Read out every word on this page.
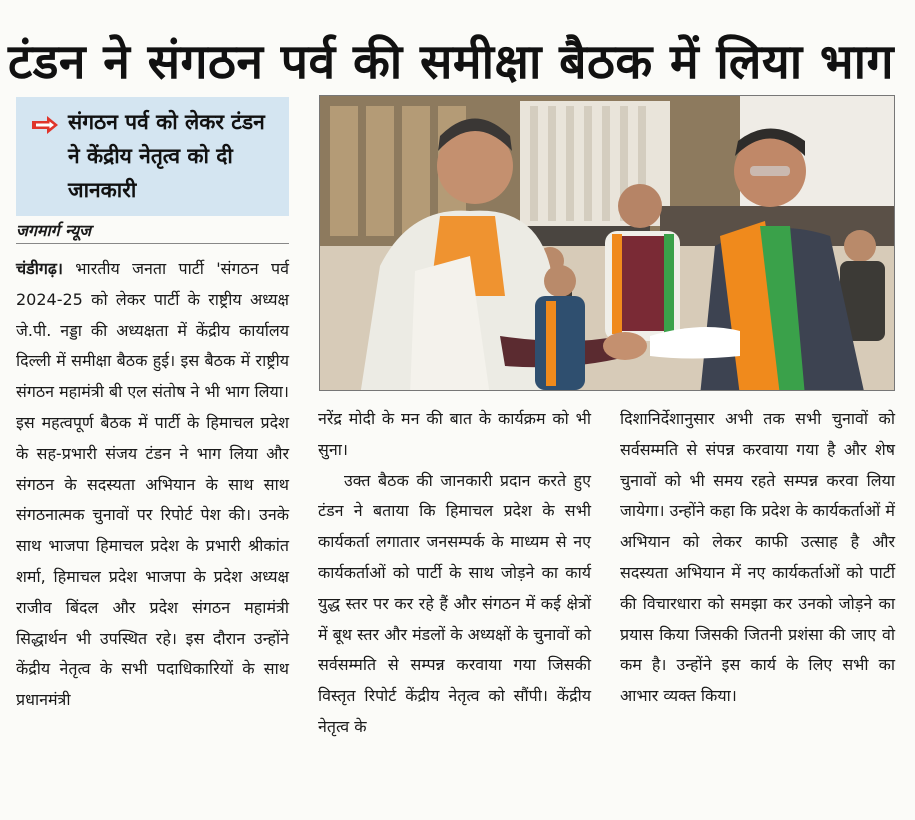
टंडन ने संगठन पर्व की समीक्षा बैठक में लिया भाग
संगठन पर्व को लेकर टंडन ने केंद्रीय नेतृत्व को दी जानकारी
जगमार्ग न्यूज

चंडीगढ़। भारतीय जनता पार्टी 'संगठन पर्व 2024-25 को लेकर पार्टी के राष्ट्रीय अध्यक्ष जे.पी. नड्डा की अध्यक्षता में केंद्रीय कार्यालय दिल्ली में समीक्षा बैठक हुई। इस बैठक में राष्ट्रीय संगठन महामंत्री बी एल संतोष ने भी भाग लिया। इस महत्वपूर्ण बैठक में पार्टी के हिमाचल प्रदेश के सह-प्रभारी संजय टंडन ने भाग लिया और संगठन के सदस्यता अभियान के साथ साथ संगठनात्मक चुनावों पर रिपोर्ट पेश की। उनके साथ भाजपा हिमाचल प्रदेश के प्रभारी श्रीकांत शर्मा, हिमाचल प्रदेश भाजपा के प्रदेश अध्यक्ष राजीव बिंदल और प्रदेश संगठन महामंत्री सिद्धार्थन भी उपस्थित रहे। इस दौरान उन्होंने केंद्रीय नेतृत्व के सभी पदाधिकारियों के साथ प्रधानमंत्री

नरेंद्र मोदी के मन की बात के कार्यक्रम को भी सुना।

उक्त बैठक की जानकारी प्रदान करते हुए टंडन ने बताया कि हिमाचल प्रदेश के सभी कार्यकर्ता लगातार जनसम्पर्क के माध्यम से नए कार्यकर्ताओं को पार्टी के साथ जोड़ने का कार्य युद्ध स्तर पर कर रहे हैं और संगठन में कई क्षेत्रों में बूथ स्तर और मंडलों के अध्यक्षों के चुनावों को सर्वसम्मति से सम्पन्न करवाया गया जिसकी विस्तृत रिपोर्ट केंद्रीय नेतृत्व को सौंपी। केंद्रीय नेतृत्व के

दिशानिर्देशानुसार अभी तक सभी चुनावों को सर्वसम्मति से संपन्न करवाया गया है और शेष चुनावों को भी समय रहते सम्पन्न करवा लिया जायेगा। उन्होंने कहा कि प्रदेश के कार्यकर्ताओं में अभियान को लेकर काफी उत्साह है और सदस्यता अभियान में नए कार्यकर्ताओं को पार्टी की विचारधारा को समझा कर उनको जोड़ने का प्रयास किया जिसकी जितनी प्रशंसा की जाए वो कम है। उन्होंने इस कार्य के लिए सभी का आभार व्यक्त किया।
